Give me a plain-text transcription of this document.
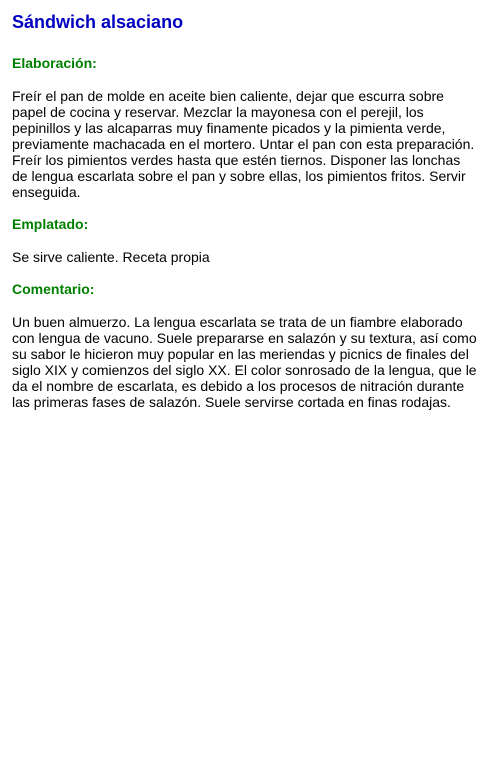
Sándwich alsaciano
Elaboración:

Freír el pan de molde en aceite bien caliente, dejar que escurra sobre papel de cocina y reservar. Mezclar la mayonesa con el perejil, los pepinillos y las alcaparras muy finamente picados y la pimienta verde, previamente machacada en el mortero. Untar el pan con esta preparación. Freír los pimientos verdes hasta que estén tiernos. Disponer las lonchas de lengua escarlata sobre el pan y sobre ellas, los pimientos fritos. Servir enseguida.

Emplatado:

Se sirve caliente. Receta propia

Comentario:

Un buen almuerzo. La lengua escarlata se trata de un fiambre elaborado con lengua de vacuno. Suele prepararse en salazón y su textura, así como su sabor le hicieron muy popular en las meriendas y picnics de finales del siglo XIX y comienzos del siglo XX. El color sonrosado de la lengua, que le da el nombre de escarlata, es debido a los procesos de nitración durante las primeras fases de salazón. Suele servirse cortada en finas rodajas.
